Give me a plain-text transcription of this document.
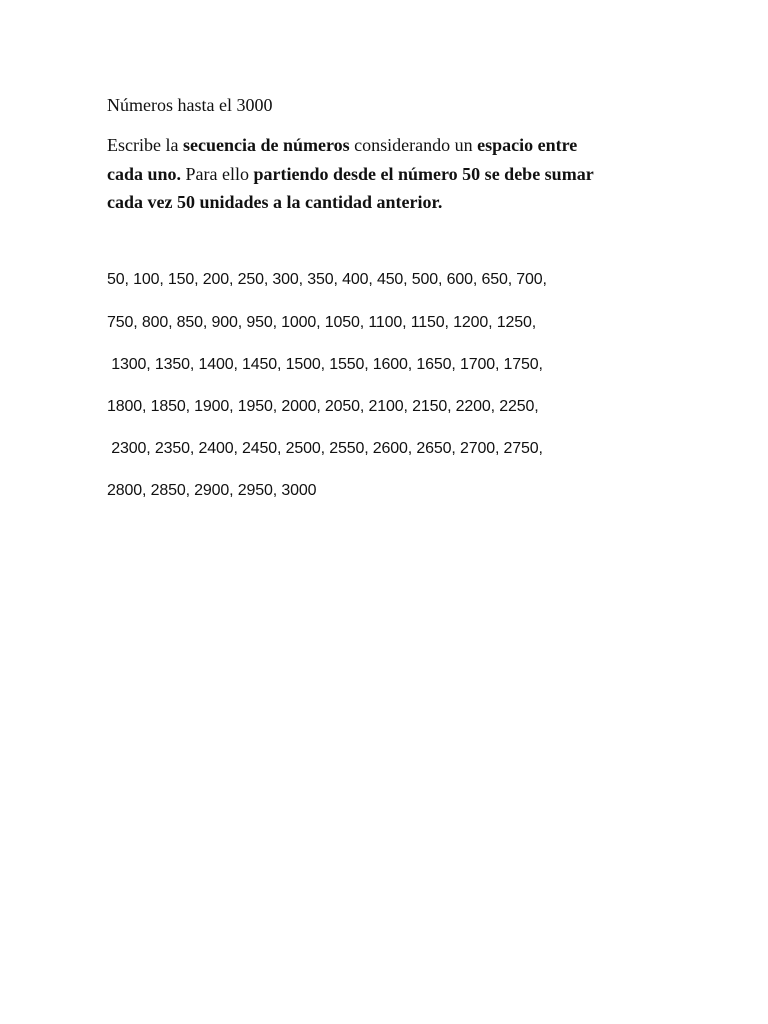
Números hasta el 3000
Escribe la secuencia de números considerando un espacio entre
cada uno. Para ello partiendo desde el número 50 se debe sumar
cada vez 50 unidades a la cantidad anterior.
50, 100, 150, 200, 250, 300, 350, 400, 450, 500, 600, 650, 700,
750, 800, 850, 900, 950, 1000, 1050, 1100, 1150, 1200, 1250,
1300, 1350, 1400, 1450, 1500, 1550, 1600, 1650, 1700, 1750,
1800, 1850, 1900, 1950, 2000, 2050, 2100, 2150, 2200, 2250,
2300, 2350, 2400, 2450, 2500, 2550, 2600, 2650, 2700, 2750,
2800, 2850, 2900, 2950, 3000
